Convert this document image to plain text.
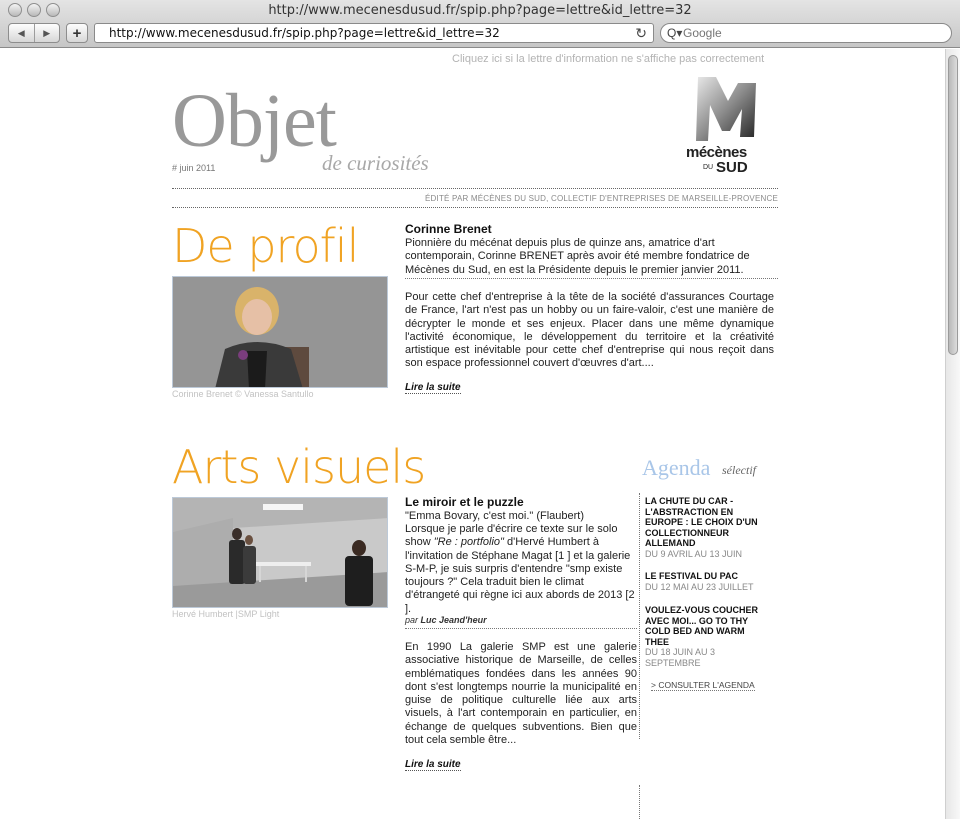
http://www.mecenesdusud.fr/spip.php?page=lettre&id_lettre=32
◀	▶	+	http://www.mecenesdusud.fr/spip.php?page=lettre&id_lettre=32	↻ Q▾
Google
Cliquez ici si la lettre d'information ne s'affiche pas correctement
Objet
de curiosités
# juin 2011
mécènes
DU SUD
ÉDITÉ PAR MÉCÈNES DU SUD, COLLECTIF D'ENTREPRISES DE MARSEILLE-PROVENCE
De profil
Corinne Brenet © Vanessa Santullo
Corinne Brenet
Pionnière du mécénat depuis plus de quinze ans, amatrice d'art contemporain, Corinne BRENET après avoir été membre fondatrice de Mécènes du Sud, en est la Présidente depuis le premier janvier 2011.
Pour cette chef d'entreprise à la tête de la société d'assurances Courtage de France, l'art n'est pas un hobby ou un faire-valoir, c'est une manière de décrypter le monde et ses enjeux. Placer dans une même dynamique l'activité économique, le développement du territoire et la créativité artistique est inévitable pour cette chef d'entreprise qui nous reçoit dans son espace professionnel couvert d'œuvres d'art....
Lire la suite
Arts visuels
Hervé Humbert |SMP Light
Le miroir et le puzzle
"Emma Bovary, c'est moi." (Flaubert)
Lorsque je parle d'écrire ce texte sur le solo show "Re : portfolio" d'Hervé Humbert à l'invitation de Stéphane Magat [1 ] et la galerie S-M-P, je suis surpris d'entendre "smp existe toujours ?" Cela traduit bien le climat d'étrangeté qui règne ici aux abords de 2013 [2 ].
par Luc Jeand'heur
En 1990 La galerie SMP est une galerie associative historique de Marseille, de celles emblématiques fondées dans les années 90 dont s'est longtemps nourrie la municipalité en guise de politique culturelle liée aux arts visuels, à l'art contemporain en particulier, en échange de quelques subventions. Bien que tout cela semble être...
Lire la suite
Agenda sélectif
LA CHUTE DU CAR - L'ABSTRACTION EN EUROPE : LE CHOIX D'UN COLLECTIONNEUR ALLEMAND
DU 9 AVRIL AU 13 JUIN
LE FESTIVAL DU PAC
DU 12 MAI AU 23 JUILLET
VOULEZ-VOUS COUCHER AVEC MOI... GO TO THY COLD BED AND WARM THEE
DU 18 JUIN AU 3 SEPTEMBRE
> CONSULTER L'AGENDA
